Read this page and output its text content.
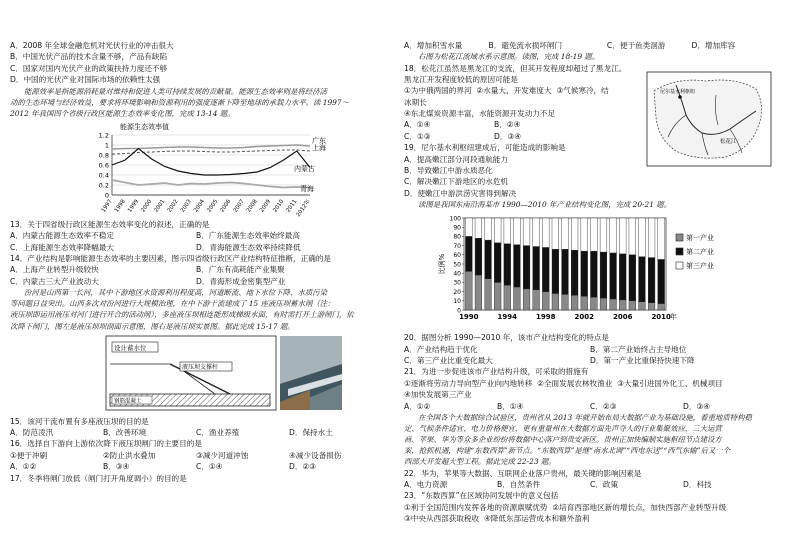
A．2008 年全球金融危机对光伏行业的冲击很大
B．中国光伏产品的技术含量不够，产品有缺陷
C．国家对国内光伏产业的政策扶持力度还不够
D．中国的光伏产业对国际市场的依赖性太强
能源效率是指能源消耗量对维持和促进人类可持续发展的贡献量。能源生态效率则是将经济活
动的生态环境与经济效益，要求将环境影响和资源利用的强度逐渐下降至地球的承载力水平。读 1997～
2012 年我国四个省级行政区能源生态效率变化图，完成 13-14 题。
能源生态效率值
1.2
1
0.8
0.6
0.4
0.2
0
1997 1998 1999 2000 2001 2002 2003 2004 2005 2006 2007 2008 2009 2010 2011
2012年
广东
上海
内蒙古
青海
13．关于四省级行政区能源生态效率变化的叙述，正确的是
A．内蒙古能源生态效率不稳定	B．广东能源生态效率始终最高
C．上海能源生态效率降幅最大	D．青海能源生态效率持续降低
14．产业结构是影响能源生态效率的主要因素，图示四省级行政区产业结构特征推断，正确的是
A．上海产业转型升级较快	B．广东有高耗能产业集聚
C．内蒙古三大产业波动大	D．青海形成金密集型产业
汾河是山西第一长河，其中下游地区水资源利用程度高，河道断流、地下水位下降、水质污染
等问题日益突出。山西多次对汾河进行大规模治理，在中下游干流建成了 15 座液压坝蓄水闸（注：
液压坝即运用液压对河门进行开合的活动闸），多座液压坝相连能形成梯级水面，有时需打开上游闸门，依
次降下闸门，图左是液压坝坝剖面示意图，图右是液压坝实景图。据此完成 15-17 题。
设计蓄水位
液压坝支撑杆
钢筋混凝土
15．该河干流布置有多座液压坝的目的是
A．防范凌汛	B．改善环境	C．渔业养殖	D．保持水土
16．选择自下游向上游依次降下液压坝闸门的主要目的是
①便于冲刷	②防止洪水叠加	③减少河道冲蚀	④减少设备损伤
A．①②	B．③④	C．①④	D．②③
17．冬季将闸门放低（闸门打开角度调小）的目的是
A．增加积雪水量	B．避免流水损坏闸门	C．便于鱼类洄游	D．增加库容
右图为松花江流域水系示意图。读图，完成 18-19 题。
18．松花江虽然是黑龙江的支流，但其开发程度却超过了黑龙江。
黑龙江开发程度较低的原因可能是
①为中俄两国的界河 ②水量大，开发难度大 ③气候寒冷，结
冰期长
④东北煤炭资源丰富，水能资源开发动力不足
A．①④	B．②④
C．①③	D．③④
19．尼尔基水利枢纽建成后，可能造成的影响是
A．提高嫩江部分河段通航能力
B．导致嫩江中游水质恶化
C．解决嫩江下游地区的水危机
D．使嫩江中游洪涝灾害得到解决
尼尔基水利枢纽
松花江
读图是我国东南沿海某市 1990—2010 年产业结构变化图，完成 20-21 题。
比例%
100
90
80
70
60
50
40
30
20
10
0
1990	1994	1998	2002	2006	2010 年
第一产业
第二产业
第三产业
20．据图分析 1990—2010 年，该市产业结构变化的特点是
A．产业结构趋于优化	B．第二产业始终占主导地位
C．第三产业比重变化最大	D．第一产业比重保持快速下降
21．为进一步促进该市产业结构升级，可采取的措施有
①逐渐将劳动力导向型产业向内地转移 ②全面发展农林牧渔业 ③大量引进国外化工、机械项目
④加快发展第三产业
A．①②	B．①④	C．②③	D．③④
在全国各个大数据综合试验区，贵州省从 2013 年就开始布局大数据产业为基础设施，着重地质特构稳
定、气候条件适宜、电力价格便宜，更有重量州在大数据方面先声夺人的行业集聚效应，三大运营
商、苹果、华为等众多企业纷纷将数据中心落户到贵安新区。贵州正加快编制实施枢纽节点建设方
案，抢抓机遇，构建“东数西算”新节点。“东数西算”是继“南水北调”“西电东送”“西气东输”后又一个
西部大开发超大型工程。据此完成 22-23 题。
22．华为，苹果等大数据、互联网企业落户贵州，最关键的影响因素是
A．电力资源	B．自然条件	C．政策	D．科技
23．“东数西算”在区域协同发展中的意义包括
①利于全国范围内发挥各地的资源禀赋优势 ②培育西部地区新的增长点，加快西部产业转型升级
③中央从西部获取税收 ④降低东部运营成本和额外盈利
